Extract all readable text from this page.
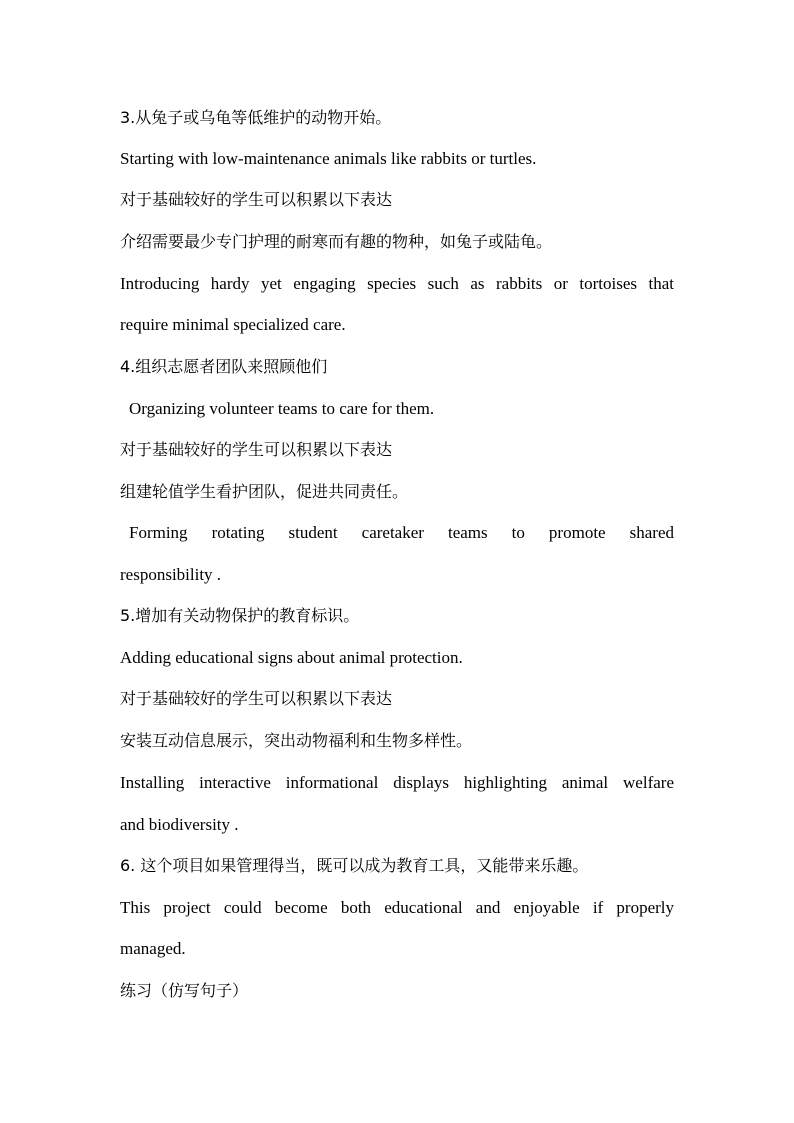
3.从兔子或乌龟等低维护的动物开始。
Starting with low-maintenance animals like rabbits or turtles.
对于基础较好的学生可以积累以下表达
介绍需要最少专门护理的耐寒而有趣的物种，如兔子或陆龟。
Introducing hardy yet engaging species such as rabbits or tortoises that
require minimal specialized care.
4.组织志愿者团队来照顾他们
Organizing volunteer teams to care for them.
对于基础较好的学生可以积累以下表达
组建轮值学生看护团队，促进共同责任。
Forming rotating student caretaker teams to promote shared
responsibility .
5.增加有关动物保护的教育标识。
Adding educational signs about animal protection.
对于基础较好的学生可以积累以下表达
安装互动信息展示，突出动物福利和生物多样性。
Installing interactive informational displays highlighting animal welfare
and biodiversity .
6. 这个项目如果管理得当，既可以成为教育工具，又能带来乐趣。
This project could become both educational and enjoyable if properly
managed.
练习（仿写句子）
